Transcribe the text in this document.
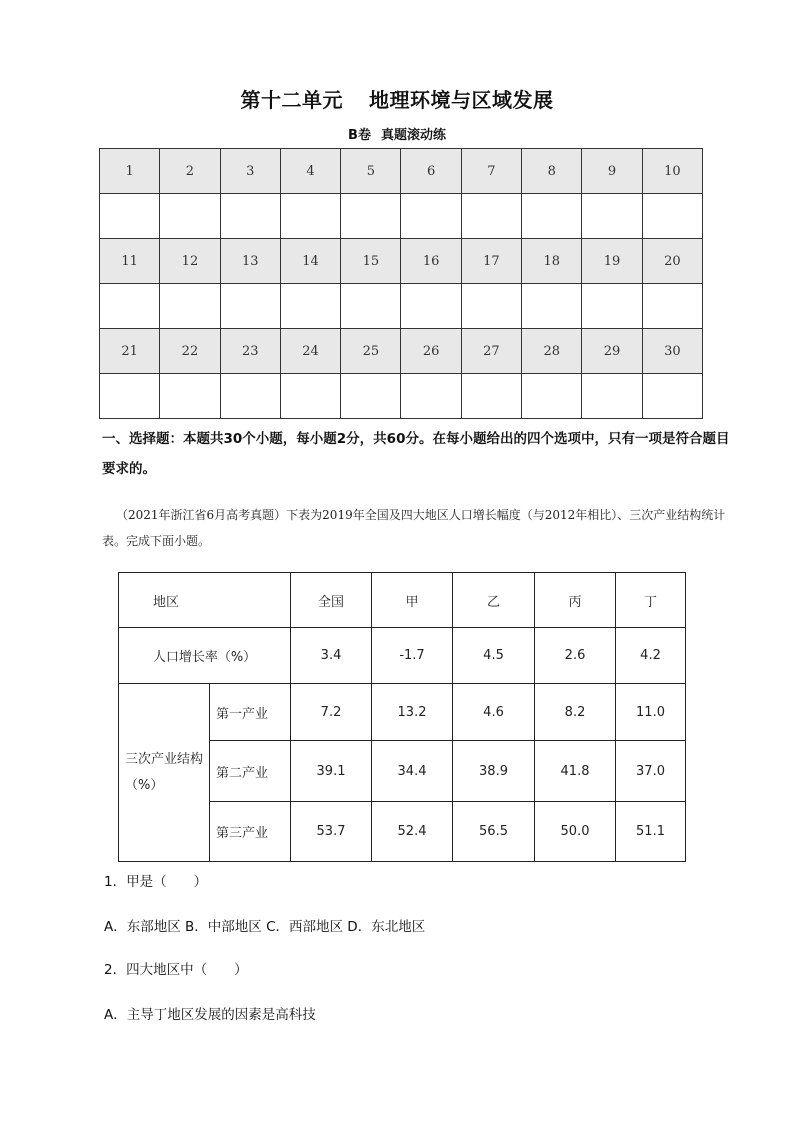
第十二单元 地理环境与区域发展
B卷 真题滚动练
1	2	3	4	5	6	7	8	9	10

11	12	13	14	15	16	17	18	19	20

21	22	23	24	25	26	27	28	29	30

一、选择题：本题共30个小题，每小题2分，共60分。在每小题给出的四个选项中，只有一项是符合题目要求的。
（2021年浙江省6月高考真题）下表为2019年全国及四大地区人口增长幅度（与2012年相比）、三次产业结构统计表。完成下面小题。
地区		全国	甲	乙	丙	丁
人口增长率（%）		3.4	-1.7	4.5	2.6	4.2
三次产业结构（%）	第一产业	7.2	13.2	4.6	8.2	11.0
	第二产业	39.1	34.4	38.9	41.8	37.0
	第三产业	53.7	52.4	56.5	50.0	51.1
1．甲是（　　）
A．东部地区 B．中部地区 C．西部地区 D．东北地区
2．四大地区中（　　）
A．主导丁地区发展的因素是高科技
